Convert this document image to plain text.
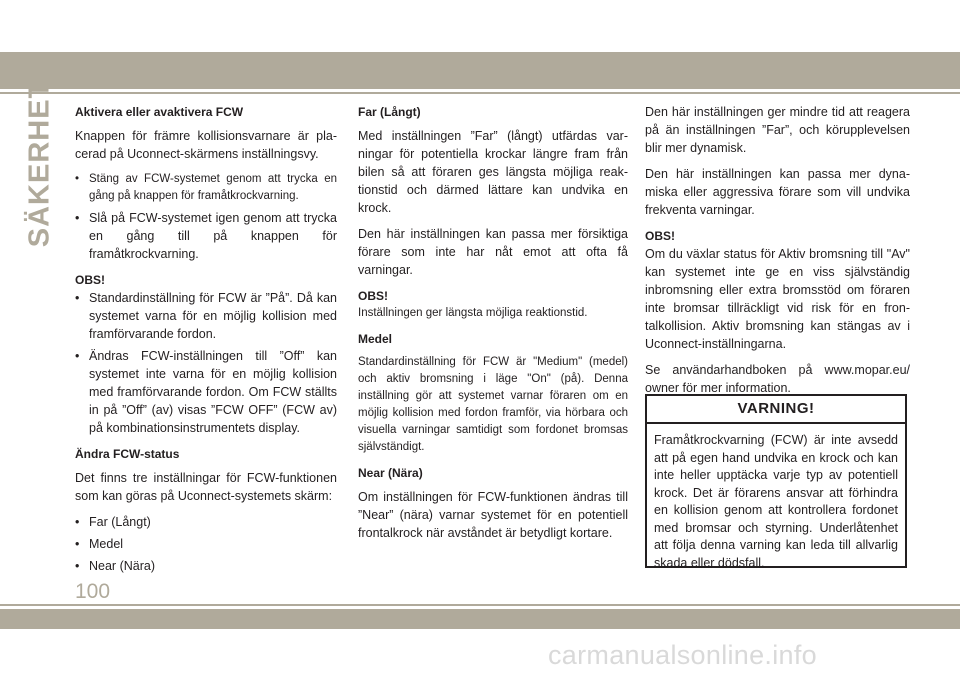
SÄKERHET Aktivera eller avaktivera FCW

Knappen för främre kollisionsvarnare är placerad på Uconnect-skärmens inställningsvy.

• Stäng av FCW-systemet genom att trycka en gång på knappen för framåtkrockvarning.
• Slå på FCW-systemet igen genom att trycka en gång till på knappen för framåtkrockvarning.
OBS!
• Standardinställning för FCW är ”På”. Då kan systemet varna för en möjlig kollision med framförvarande fordon.
• Ändras FCW-inställningen till ”Off” kan systemet inte varna för en möjlig kollision med framförvarande fordon. Om FCW ställts in på ”Off” (av) visas ”FCW OFF” (FCW av) på kombinationsinstrumentets display.
Ändra FCW-status

Det finns tre inställningar för FCW-funktionen som kan göras på Uconnect-systemets skärm:

• Far (Långt)
• Medel
• Near (Nära)
Far (Långt)

Med inställningen ”Far” (långt) utfärdas varningar för potentiella krockar längre fram från bilen så att föraren ges längsta möjliga reaktionstid och därmed lättare kan undvika en krock.

Den här inställningen kan passa mer försiktiga förare som inte har nåt emot att ofta få varningar.

OBS!

Inställningen ger längsta möjliga reaktionstid.

Medel

Standardinställning för FCW är "Medium" (medel) och aktiv bromsning i läge "On" (på). Denna inställning gör att systemet varnar föraren om en möjlig kollision med fordon framför, via hörbara och visuella varningar samtidigt som fordonet bromsas självständigt.

Near (Nära)

Om inställningen för FCW-funktionen ändras till ”Near” (nära) varnar systemet för en potentiell frontalkrock när avståndet är betydligt kortare.

Den här inställningen ger mindre tid att reagera på än inställningen ”Far”, och körupplevelsen blir mer dynamisk.

Den här inställningen kan passa mer dynamiska eller aggressiva förare som vill undvika frekventa varningar.

OBS!

Om du växlar status för Aktiv bromsning till "Av" kan systemet inte ge en viss självständig inbromsning eller extra bromsstöd om föraren inte bromsar tillräckligt vid risk för en frontalkollision. Aktiv bromsning kan stängas av i Uconnect-inställningarna.

Se användarhandboken på www.mopar.eu/ owner för mer information.

VARNING!
Framåtkrockvarning (FCW) är inte avsedd att på egen hand undvika en krock och kan inte heller upptäcka varje typ av potentiell krock. Det är förarens ansvar att förhindra en kollision genom att kontrollera fordonet med bromsar och styrning. Underlåtenhet att följa denna varning kan leda till allvarlig skada eller dödsfall.
100
carmanualsonline.info
